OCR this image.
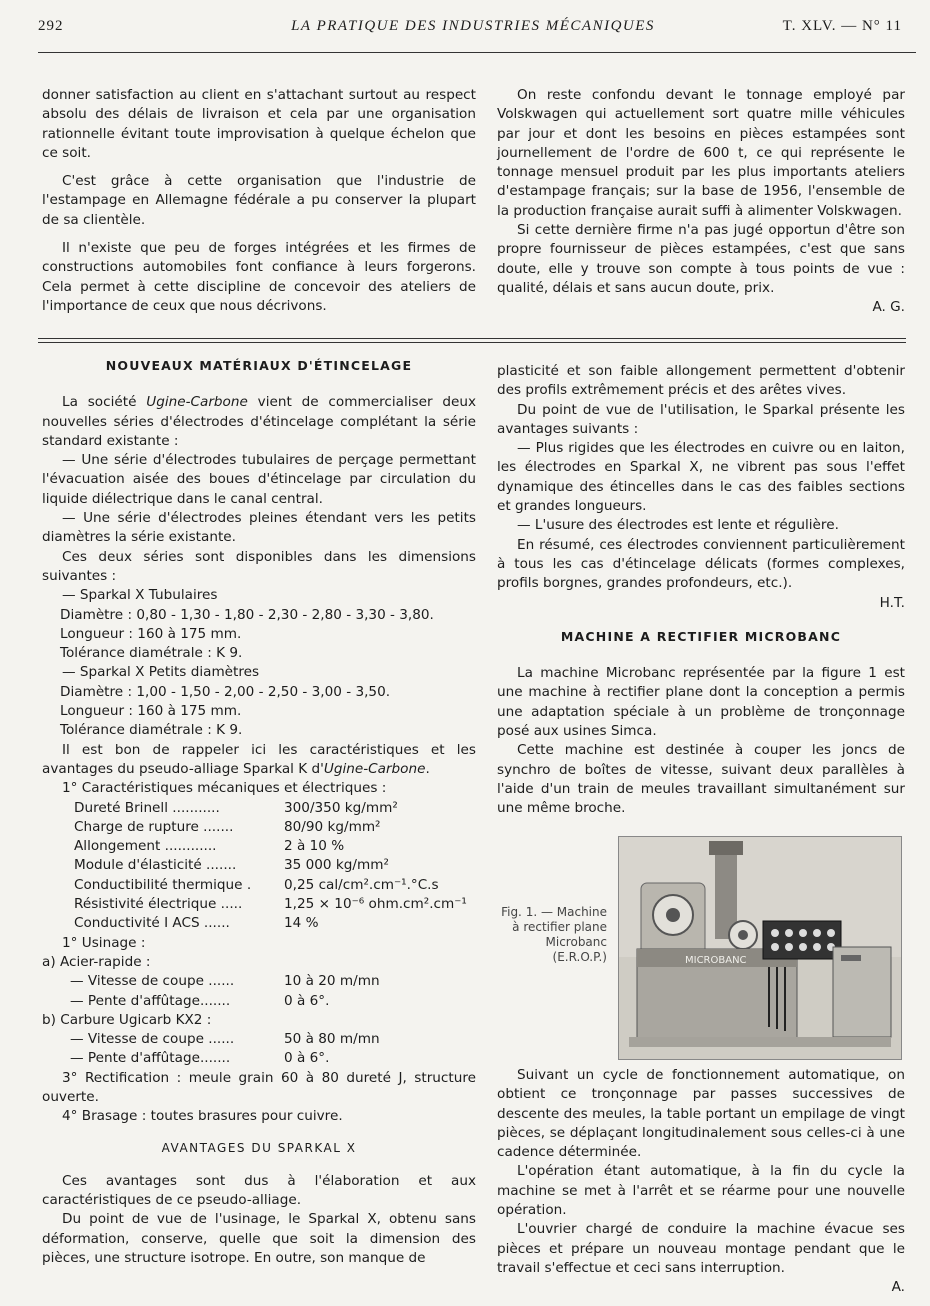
292	LA PRATIQUE DES INDUSTRIES MÉCANIQUES	T. XLV. — N° 11

donner satisfaction au client en s'attachant surtout au respect absolu des délais de livraison et cela par une organisation rationnelle évitant toute improvisation à quelque échelon que ce soit.

C'est grâce à cette organisation que l'industrie de l'estampage en Allemagne fédérale a pu conserver la plupart de sa clientèle.

Il n'existe que peu de forges intégrées et les firmes de constructions automobiles font confiance à leurs forgerons. Cela permet à cette discipline de concevoir des ateliers de l'importance de ceux que nous décrivons.

On reste confondu devant le tonnage employé par Volskwagen qui actuellement sort quatre mille véhicules par jour et dont les besoins en pièces estampées sont journellement de l'ordre de 600 t, ce qui représente le tonnage mensuel produit par les plus importants ateliers d'estampage français; sur la base de 1956, l'ensemble de la production française aurait suffi à alimenter Volskwagen.

Si cette dernière firme n'a pas jugé opportun d'être son propre fournisseur de pièces estampées, c'est que sans doute, elle y trouve son compte à tous points de vue : qualité, délais et sans aucun doute, prix.

A. G.

NOUVEAUX MATÉRIAUX D'ÉTINCELAGE

La société Ugine-Carbone vient de commercialiser deux nouvelles séries d'électrodes d'étincelage complétant la série standard existante :

— Une série d'électrodes tubulaires de perçage permettant l'évacuation aisée des boues d'étincelage par circulation du liquide diélectrique dans le canal central.

— Une série d'électrodes pleines étendant vers les petits diamètres la série existante.

Ces deux séries sont disponibles dans les dimensions suivantes :

— Sparkal X Tubulaires

Diamètre : 0,80 - 1,30 - 1,80 - 2,30 - 2,80 - 3,30 - 3,80.

Longueur : 160 à 175 mm.

Tolérance diamétrale : K 9.

— Sparkal X Petits diamètres

Diamètre : 1,00 - 1,50 - 2,00 - 2,50 - 3,00 - 3,50.

Longueur : 160 à 175 mm.

Tolérance diamétrale : K 9.

Il est bon de rappeler ici les caractéristiques et les avantages du pseudo-alliage Sparkal K d'Ugine-Carbone.

1° Caractéristiques mécaniques et électriques :

Dureté Brinell ...........	300/350 kg/mm²
Charge de rupture .......	80/90 kg/mm²
Allongement ............	2 à 10 %
Module d'élasticité .......	35 000 kg/mm²
Conductibilité thermique . 0,25 cal/cm².cm⁻¹.°C.s
Résistivité électrique .....	1,25 × 10⁻⁶ ohm.cm².cm⁻¹
Conductivité I ACS ......	14 %

1° Usinage :

a) Acier-rapide :

— Vitesse de coupe ......	10 à 20 m/mn
— Pente d'affûtage.......	0 à 6°.

b) Carbure Ugicarb KX2 :

— Vitesse de coupe ......	50 à 80 m/mn
— Pente d'affûtage.......	0 à 6°.

3° Rectification : meule grain 60 à 80 dureté J, structure ouverte.

4° Brasage : toutes brasures pour cuivre.

AVANTAGES DU SPARKAL X

Ces avantages sont dus à l'élaboration et aux caractéristiques de ce pseudo-alliage.

Du point de vue de l'usinage, le Sparkal X, obtenu sans déformation, conserve, quelle que soit la dimension des pièces, une structure isotrope. En outre, son manque de

plasticité et son faible allongement permettent d'obtenir des profils extrêmement précis et des arêtes vives.

Du point de vue de l'utilisation, le Sparkal présente les avantages suivants :

— Plus rigides que les électrodes en cuivre ou en laiton, les électrodes en Sparkal X, ne vibrent pas sous l'effet dynamique des étincelles dans le cas des faibles sections et grandes longueurs.

— L'usure des électrodes est lente et régulière.

En résumé, ces électrodes conviennent particulièrement à tous les cas d'étincelage délicats (formes complexes, profils borgnes, grandes profondeurs, etc.).

H.T.

MACHINE A RECTIFIER MICROBANC

La machine Microbanc représentée par la figure 1 est une machine à rectifier plane dont la conception a permis une adaptation spéciale à un problème de tronçonnage posé aux usines Simca.

Cette machine est destinée à couper les joncs de synchro de boîtes de vitesse, suivant deux parallèles à l'aide d'un train de meules travaillant simultanément sur une même broche.

Fig. 1. — Machine
à rectifier plane
Microbanc
(E.R.O.P.)	MICROBANC

Suivant un cycle de fonctionnement automatique, on obtient ce tronçonnage par passes successives de descente des meules, la table portant un empilage de vingt pièces, se déplaçant longitudinalement sous celles-ci à une cadence déterminée.

L'opération étant automatique, à la fin du cycle la machine se met à l'arrêt et se réarme pour une nouvelle opération.

L'ouvrier chargé de conduire la machine évacue ses pièces et prépare un nouveau montage pendant que le travail s'effectue et ceci sans interruption.

A.
